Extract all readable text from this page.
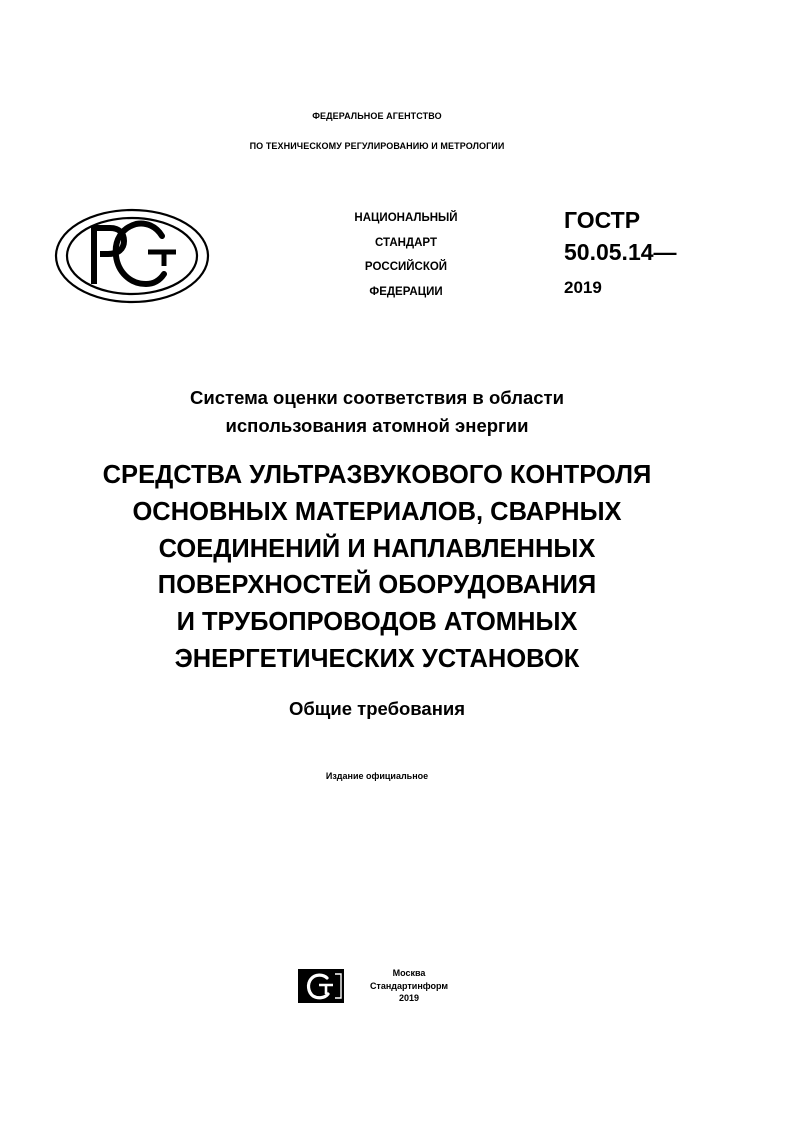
ФЕДЕРАЛЬНОЕ АГЕНТСТВО
ПО ТЕХНИЧЕСКОМУ РЕГУЛИРОВАНИЮ И МЕТРОЛОГИИ
НАЦИОНАЛЬНЫЙ
СТАНДАРТ
РОССИЙСКОЙ
ФЕДЕРАЦИИ
ГОСТР
50.05.14—
2019
Система оценки соответствия в области
использования атомной энергии
СРЕДСТВА УЛЬТРАЗВУКОВОГО КОНТРОЛЯ
ОСНОВНЫХ МАТЕРИАЛОВ, СВАРНЫХ
СОЕДИНЕНИЙ И НАПЛАВЛЕННЫХ
ПОВЕРХНОСТЕЙ ОБОРУДОВАНИЯ
И ТРУБОПРОВОДОВ АТОМНЫХ
ЭНЕРГЕТИЧЕСКИХ УСТАНОВОК
Общие требования
Издание официальное
Москва
Стандартинформ
2019
